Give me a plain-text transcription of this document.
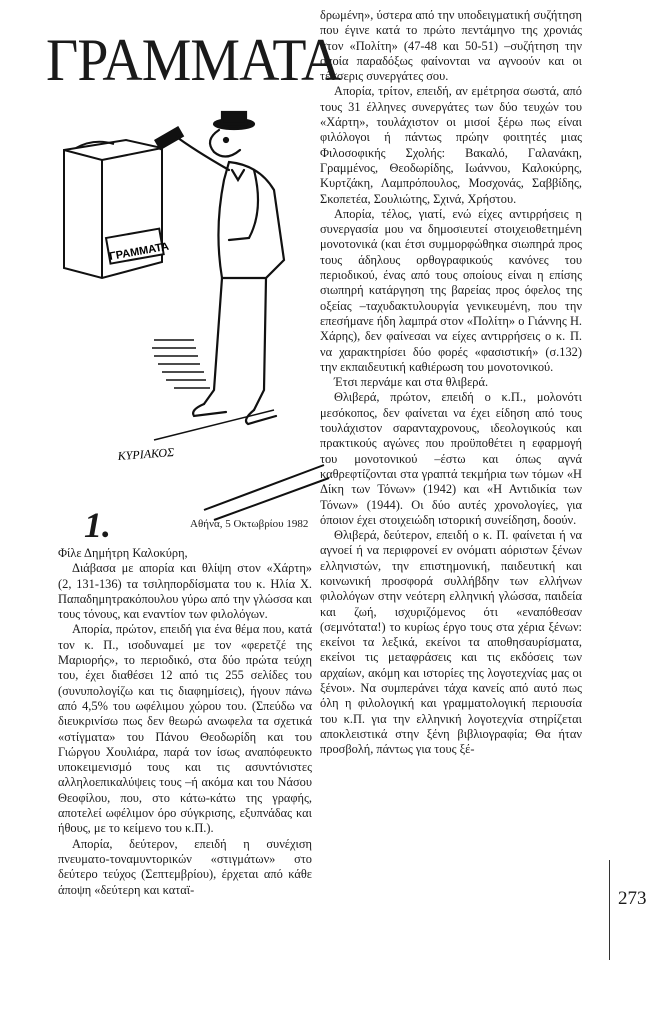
ΓΡΑΜΜΑΤΑ
ΓΡΑΜΜΑΤΑ
ΚΥΡΙΑΚΟΣ
1.	Αθήνα, 5 Οκτωβρίου 1982

Φίλε Δημήτρη Καλοκύρη,

Διάβασα με απορία και θλίψη στον «Χάρτη» (2, 131-136) τα τσιληπορδίσματα του κ. Ηλία Χ. Παπαδημητρακόπουλου γύρω από την γλώσσα και τους τόνους, και εναντίον των φιλολόγων.

Απορία, πρώτον, επειδή για ένα θέμα που, κατά τον κ. Π., ισοδυναμεί με τον «φερετζέ της Μαριορής», το περιοδικό, στα δύο πρώτα τεύχη του, έχει διαθέσει 12 από τις 255 σελίδες του (συνυπολογίζω και τις διαφημίσεις), ήγουν πάνω από 4,5% του ωφέλιμου χώρου του. (Σπεύδω να διευκρινίσω πως δεν θεωρώ ανωφελα τα σχετικά «στίγματα» του Πάνου Θεοδωρίδη και του Γιώργου Χουλιάρα, παρά τον ίσως αναπόφευκτο υποκειμενισμό τους και τις ασυντόνιστες αλληλοεπικαλύψεις τους –ή ακόμα και του Νάσου Θεοφίλου, που, στο κάτω-κάτω της γραφής, αποτελεί ωφέλιμον όρο σύγκρισης, εξυπνάδας και ήθους, με το κείμενο του κ.Π.).

Απορία, δεύτερον, επειδή η συνέχιση πνευματο-τοναμυντορικών «στιγμάτων» στο δεύτερο τεύχος (Σεπτεμβρίου), έρχεται από κάθε άποψη «δεύτερη και καταϊ-

δρωμένη», ύστερα από την υποδειγματική συζήτηση που έγινε κατά το πρώτο πεντάμηνο της χρονιάς στον «Πολίτη» (47-48 και 50-51) –συζήτηση την οποία παραδόξως φαίνονται να αγνοούν και οι τέσσερις συνεργάτες σου.

Απορία, τρίτον, επειδή, αν εμέτρησα σωστά, από τους 31 έλληνες συνεργάτες των δύο τευχών του «Χάρτη», τουλάχιστον οι μισοί ξέρω πως είναι φιλόλογοι ή πάντως πρώην φοιτητές μιας Φιλοσοφικής Σχολής: Βακαλό, Γαλανάκη, Γραμμένος, Θεοδωρίδης, Ιωάννου, Καλοκύρης, Κυρτζάκη, Λαμπρόπουλος, Μοσχονάς, Σαββίδης, Σκοπετέα, Σουλιώτης, Σχινά, Χρήστου.

Απορία, τέλος, γιατί, ενώ είχες αντιρρήσεις η συνεργασία μου να δημοσιευτεί στοιχειοθετημένη μονοτονικά (και έτσι συμμορφώθηκα σιωπηρά προς τους άδηλους ορθογραφικούς κανόνες του περιοδικού, ένας από τους οποίους είναι η επίσης σιωπηρή κατάργηση της βαρείας προς όφελος της οξείας –ταχυδακτυλουργία γενικευμένη, που την επεσήμανε ήδη λαμπρά στον «Πολίτη» ο Γιάννης Η. Χάρης), δεν φαίνεσαι να είχες αντιρρήσεις ο κ. Π. να χαρακτηρίσει δύο φορές «φασιστική» (σ.132) την εκπαιδευτική καθιέρωση του μονοτονικού.

Έτσι περνάμε και στα θλιβερά.

Θλιβερά, πρώτον, επειδή ο κ.Π., μολονότι μεσόκοπος, δεν φαίνεται να έχει είδηση από τους τουλάχιστον σαρανταχρονους, ιδεολογικούς και πρακτικούς αγώνες που προϋποθέτει η εφαρμογή του μονοτονικού –έστω και όπως αγνά καθρεφτίζονται στα γραπτά τεκμήρια των τόμων «Η Δίκη των Τόνων» (1942) και «Η Αντιδικία των Τόνων» (1944). Οι δύο αυτές χρονολογίες, για όποιον έχει στοιχειώδη ιστορική συνείδηση, δοούν.

Θλιβερά, δεύτερον, επειδή ο κ. Π. φαίνεται ή να αγνοεί ή να περιφρονεί εν ονόματι αόριστων ξένων ελληνιστών, την επιστημονική, παιδευτική και κοινωνική προσφορά συλλήβδην των ελλήνων φιλολόγων στην νεότερη ελληνική γλώσσα, παιδεία και ζωή, ισχυριζόμενος ότι «εναπόθεσαν (σεμνότατα!) το κυρίως έργο τους στα χέρια ξένων: εκείνοι τα λεξικά, εκείνοι τα αποθησαυρίσματα, εκείνοι τις μεταφράσεις και τις εκδόσεις των αρχαίων, ακόμη και ιστορίες της λογοτεχνίας μας οι ξένοι». Να συμπεράνει τάχα κανείς από αυτό πως όλη η φιλολογική και γραμματολογική περιουσία του κ.Π. για την ελληνική λογοτεχνία στηρίζεται αποκλειστικά στην ξένη βιβλιογραφία; Θα ήταν προσβολή, πάντως για τους ξέ-

273
